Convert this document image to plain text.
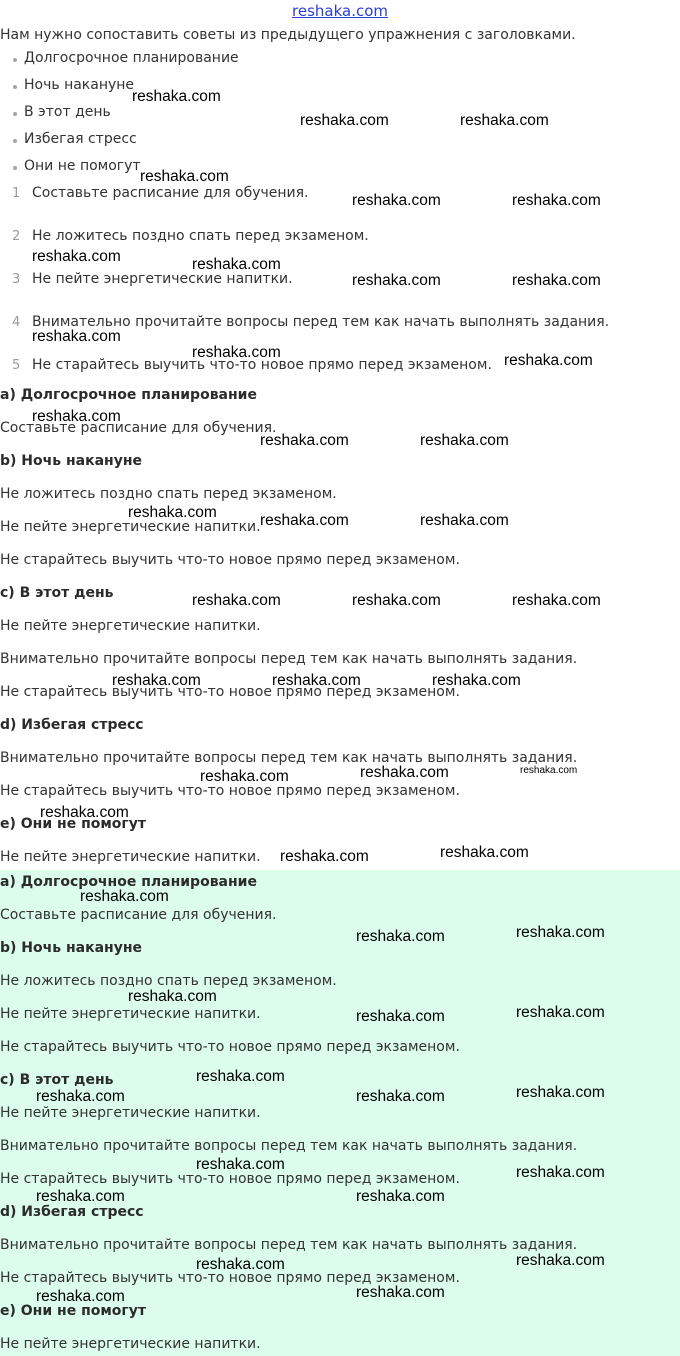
reshaka.com
Нам нужно сопоставить советы из предыдущего упражнения с заголовками.
Долгосрочное планирование
Ночь накануне
В этот день
Избегая стресс
Они не помогут
1 Составьте расписание для обучения.
2 Не ложитесь поздно спать перед экзаменом.
3 Не пейте энергетические напитки.
4 Внимательно прочитайте вопросы перед тем как начать выполнять задания.
5 Не старайтесь выучить что-то новое прямо перед экзаменом.
a) Долгосрочное планирование
Составьте расписание для обучения.
b) Ночь накануне
Не ложитесь поздно спать перед экзаменом.
Не пейте энергетические напитки.
Не старайтесь выучить что-то новое прямо перед экзаменом.
c) В этот день
Не пейте энергетические напитки.
Внимательно прочитайте вопросы перед тем как начать выполнять задания.
Не старайтесь выучить что-то новое прямо перед экзаменом.
d) Избегая стресс
Внимательно прочитайте вопросы перед тем как начать выполнять задания.
Не старайтесь выучить что-то новое прямо перед экзаменом.
e) Они не помогут
Не пейте энергетические напитки.
a) Долгосрочное планирование
Составьте расписание для обучения.
b) Ночь накануне
Не ложитесь поздно спать перед экзаменом.
Не пейте энергетические напитки.
Не старайтесь выучить что-то новое прямо перед экзаменом.
c) В этот день
Не пейте энергетические напитки.
Внимательно прочитайте вопросы перед тем как начать выполнять задания.
Не старайтесь выучить что-то новое прямо перед экзаменом.
d) Избегая стресс
Внимательно прочитайте вопросы перед тем как начать выполнять задания.
Не старайтесь выучить что-то новое прямо перед экзаменом.
e) Они не помогут
Не пейте энергетические напитки.
reshaka.com
reshaka.com	reshaka.com
reshaka.com
reshaka.com	reshaka.com
reshaka.com	reshaka.com
reshaka.com	reshaka.com
reshaka.com
reshaka.com	reshaka.com
reshaka.com
reshaka.com	reshaka.com
reshaka.com	reshaka.com	reshaka.com
reshaka.com	reshaka.com	reshaka.com
reshaka.com	reshaka.com	reshaka.com
reshaka.com	reshaka.com	reshaka.com
reshaka.com
reshaka.com	reshaka.com
reshaka.com
reshaka.com	reshaka.com
reshaka.com
reshaka.com	reshaka.com
reshaka.com
reshaka.com	reshaka.com	reshaka.com
reshaka.com	reshaka.com
reshaka.com	reshaka.com
reshaka.com	reshaka.com
reshaka.com
reshaka.com
